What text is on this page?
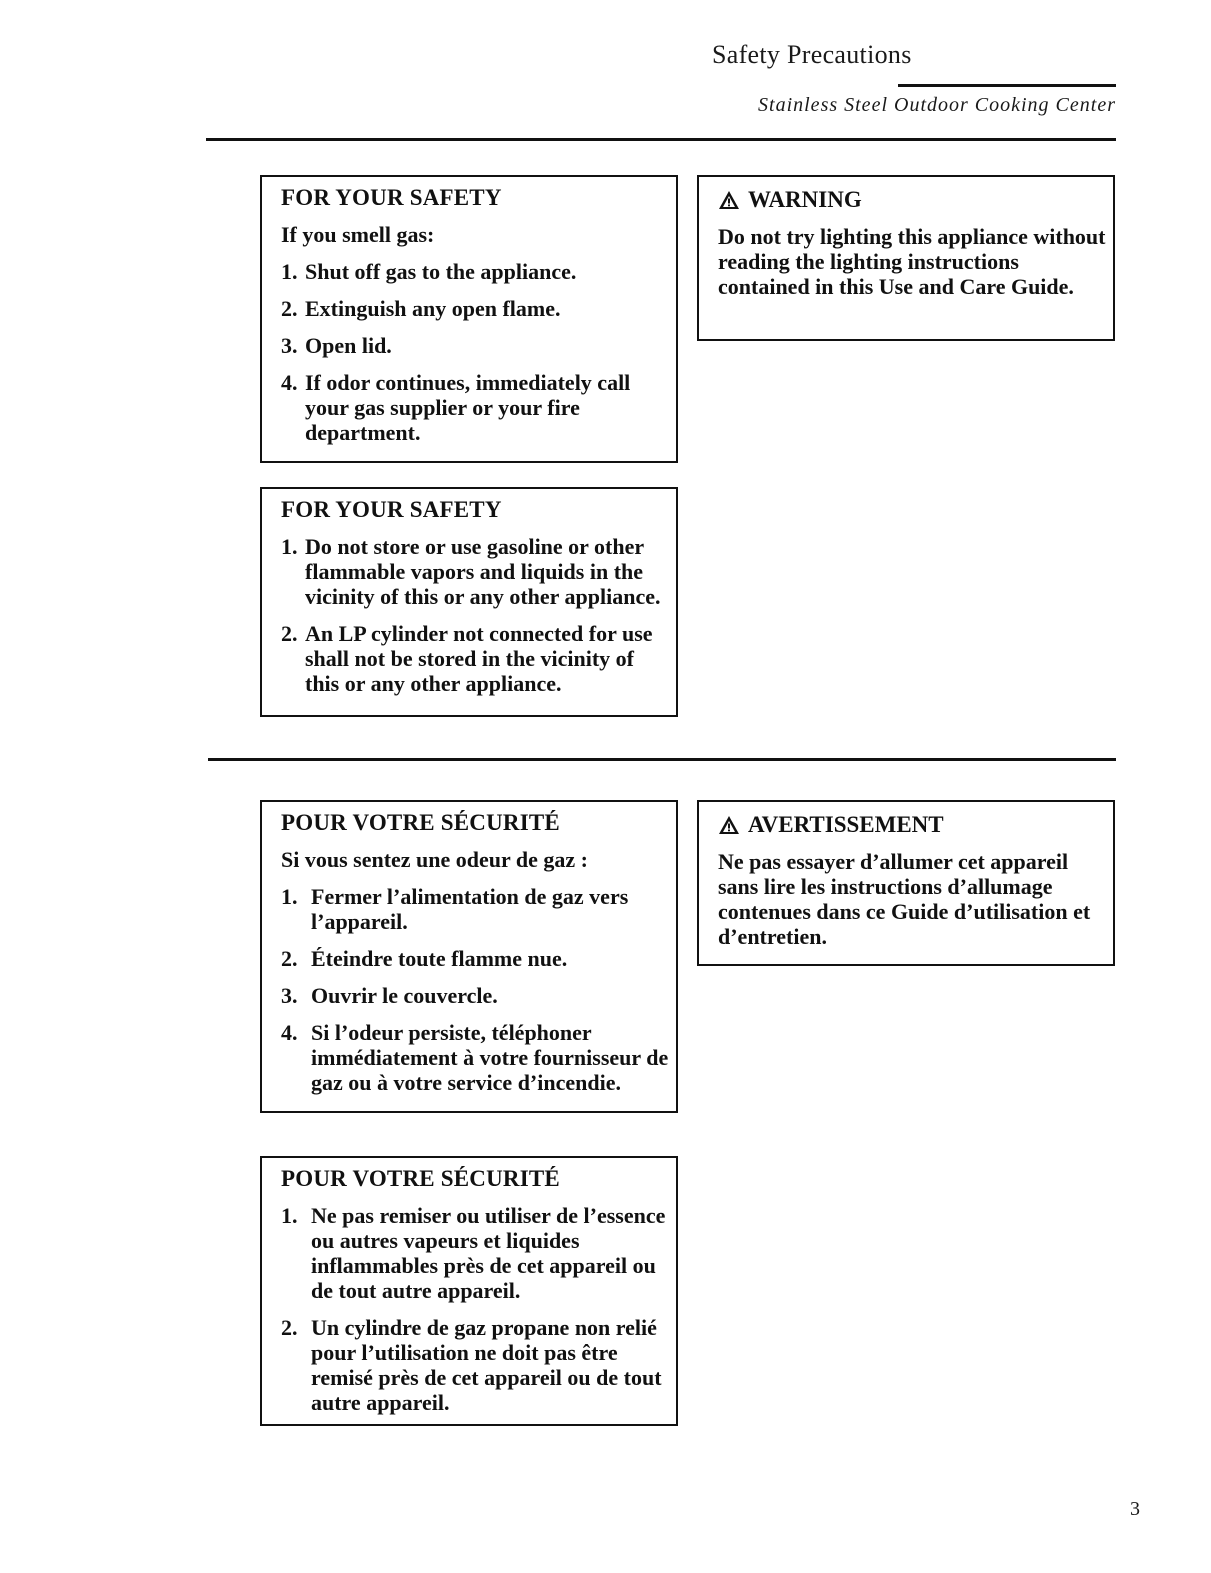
Safety Precautions
Stainless Steel Outdoor Cooking Center
FOR YOUR SAFETY
If you smell gas:
1. Shut off gas to the appliance.
2. Extinguish any open flame.
3. Open lid.
4. If odor continues, immediately call your gas supplier or your fire department.
WARNING
Do not try lighting this appliance without reading the lighting instructions contained in this Use and Care Guide.
FOR YOUR SAFETY
1. Do not store or use gasoline or other flammable vapors and liquids in the vicinity of this or any other appliance.
2. An LP cylinder not connected for use shall not be stored in the vicinity of this or any other appliance.
POUR VOTRE SÉCURITÉ
Si vous sentez une odeur de gaz :
1. Fermer l’alimentation de gaz vers l’appareil.
2. Éteindre toute flamme nue.
3. Ouvrir le couvercle.
4. Si l’odeur persiste, téléphoner immédiatement à votre fournisseur de gaz ou à votre service d’incendie.
AVERTISSEMENT
Ne pas essayer d’allumer cet appareil sans lire les instructions d’allumage contenues dans ce Guide d’utilisation et d’entretien.
POUR VOTRE SÉCURITÉ
1. Ne pas remiser ou utiliser de l’essence ou autres vapeurs et liquides inflammables près de cet appareil ou de tout autre appareil.
2. Un cylindre de gaz propane non relié pour l’utilisation ne doit pas être remisé près de cet appareil ou de tout autre appareil.
3
